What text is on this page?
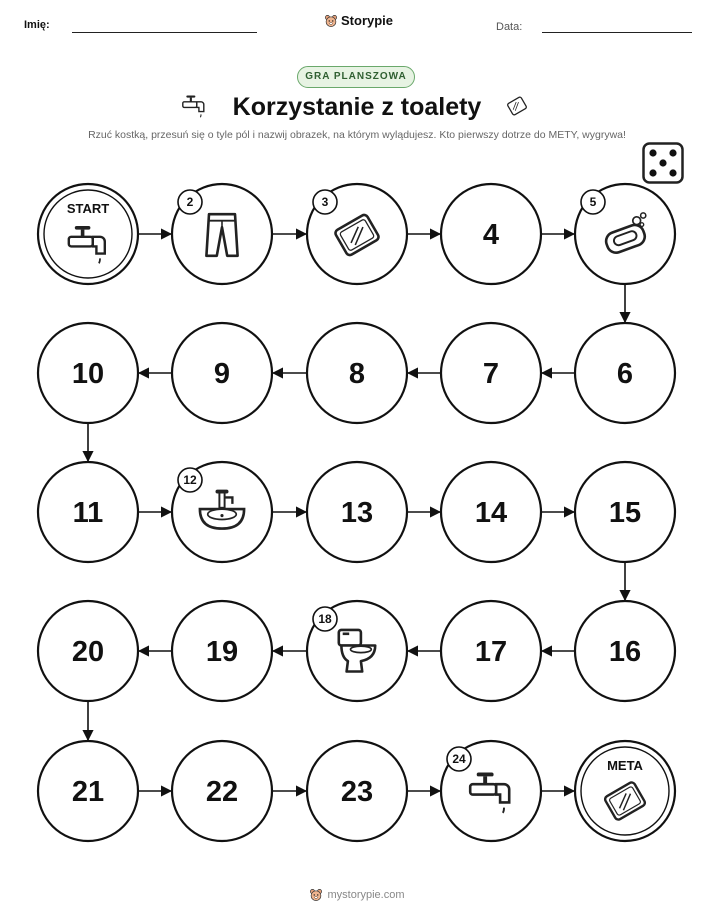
Imię:	Storypie	Data:
GRA PLANSZOWA
Korzystanie z toalety
Rzuć kostką, przesuń się o tyle pól i nazwij obrazek, na którym wylądujesz. Kto pierwszy dotrze do METY, wygrywa!
START	2	3
4
5
6
7
8
9
10
11
12
13	14	15
16
17
18
19
20
21	22	23
24	META
mystorypie.com
